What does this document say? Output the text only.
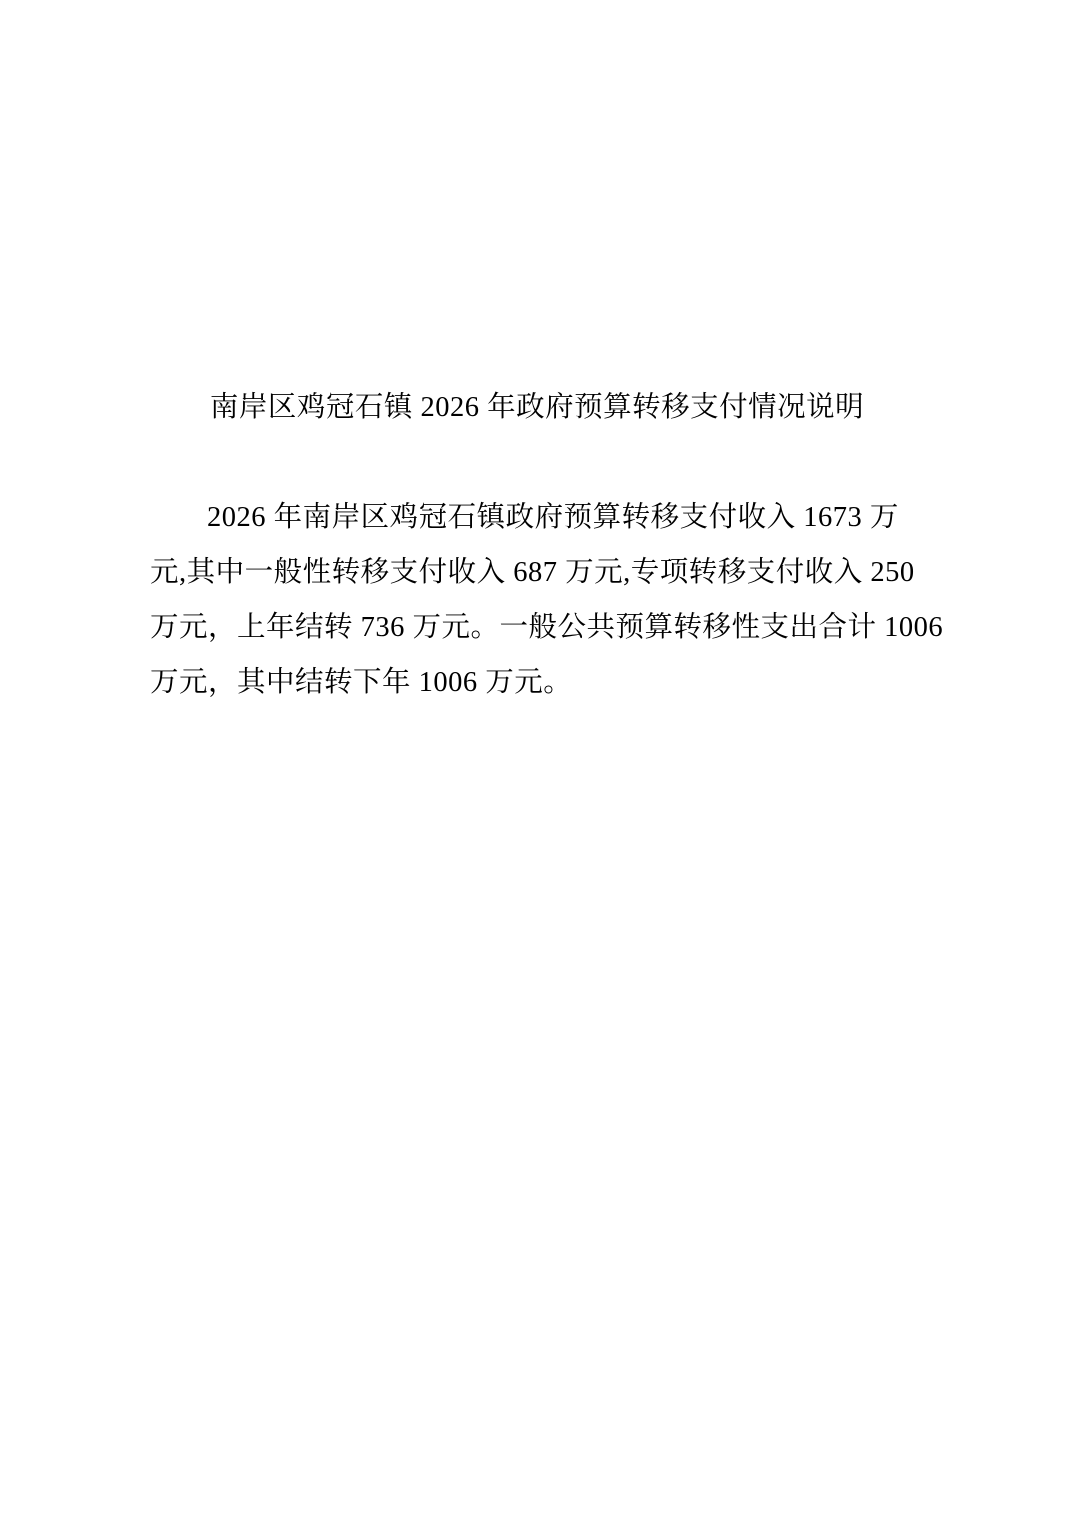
南岸区鸡冠石镇 2026 年政府预算转移支付情况说明
2026 年南岸区鸡冠石镇政府预算转移支付收入 1673 万
元,其中一般性转移支付收入 687 万元,专项转移支付收入 250
万元，上年结转 736 万元。一般公共预算转移性支出合计 1006
万元，其中结转下年 1006 万元。
